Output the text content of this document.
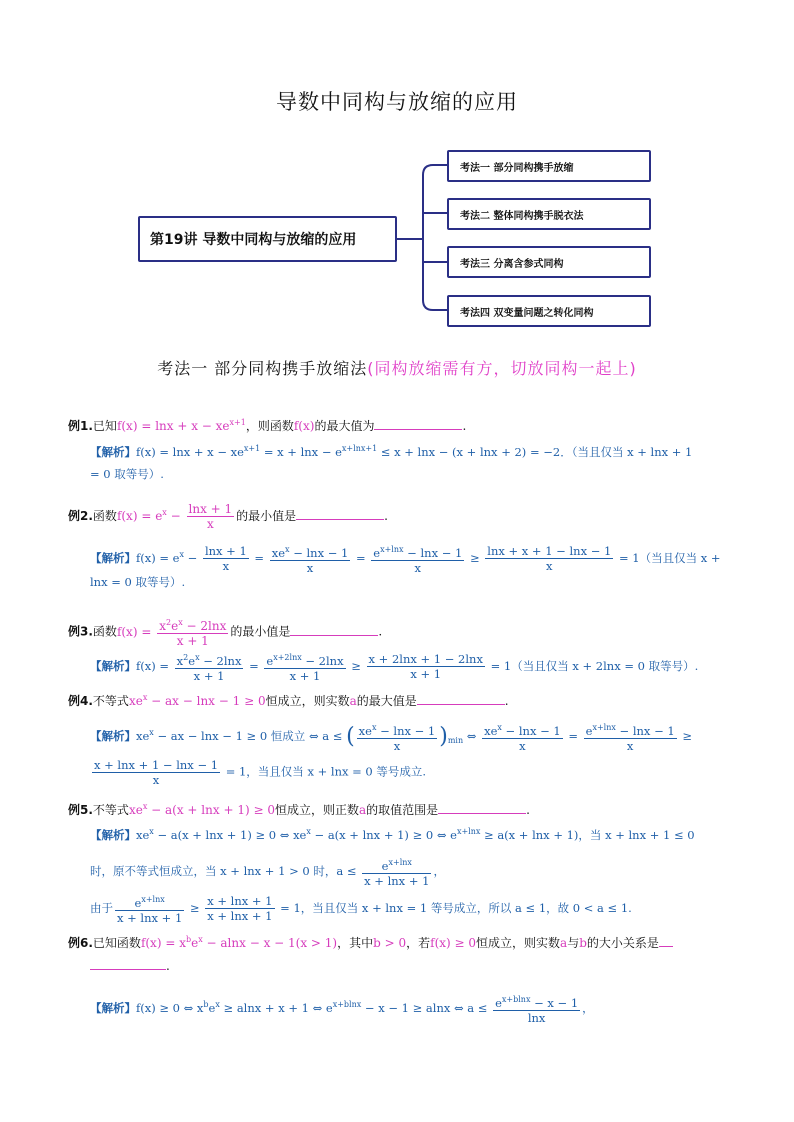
导数中同构与放缩的应用
第19讲 导数中同构与放缩的应用
考法一 部分同构携手放缩
考法二 整体同构携手脱衣法
考法三 分离含参式同构
考法四 双变量问题之转化同构
考法一 部分同构携手放缩法(同构放缩需有方，切放同构一起上)
例1.已知$f(x) = \ln x + x - xe^{x+1}$，则函数f(x)的最大值为	.
【解析】$f(x) = \ln x + x - xe^{x+1} = x + \ln x - e^{x+lnx+1} \le x + \ln x - (x + \ln x + 2) = -2$．（当且仅当 x + lnx + 1
= 0 取等号）.
例2.函数$f(x) = e^x - \frac{\ln x + 1}{x}$ 的最小值是	.
【解析】$f(x) = e^x - \frac{\ln x + 1}{x} = \frac{xe^x - \ln x - 1}{x} = \frac{e^{x+lnx} - \ln x - 1}{x} \ge \frac{\ln x + x + 1 - \ln x - 1}{x} = 1$（当且仅当 x +
lnx = 0 取等号）.
例3.函数$f(x) = \frac{x^2e^x - 2\ln x}{x + 1}$ 的最小值是	.
【解析】$f(x) = \frac{x^2e^x - 2\ln x}{x + 1} = \frac{e^{x+2lnx} - 2\ln x}{x + 1} \ge \frac{x + 2\ln x + 1 - 2\ln x}{x + 1} = 1$（当且仅当 x + 2lnx = 0 取等号）.
例4.不等式$xe^x$ − ax − lnx − 1 ≥ 0恒成立，则实数a的最大值是	.
【解析】$xe^x$ − ax − lnx − 1 ≥ 0 恒成立 ⇔ a ≤ ( $\frac{xe^x - \ln x - 1}{x} )_{min}$ ⇔ $\frac{xe^x - \ln x - 1}{x} = \frac{e^{x+lnx} - \ln x - 1}{x}$ ≥
$\frac{x + \ln x + 1 - \ln x - 1}{x} = 1$，当且仅当 x + lnx = 0 等号成立.
例5.不等式$xe^x - a(x + \ln x + 1) \ge 0$恒成立，则正数a的取值范围是	.
【解析】$xe^x - a(x + \ln x + 1) \ge 0$ ⇔ $xe^x - a(x + \ln x + 1) \ge 0$ ⇔ $e^{x+lnx} \ge a(x + \ln x + 1)$，当 x + lnx + 1 ≤ 0
时，原不等式恒成立，当 x + lnx + 1 > 0 时，$a \le \frac{e^{x+lnx}}{x + \ln x + 1}$ ，
由于 $\frac{e^{x+lnx}}{x + \ln x + 1} \ge \frac{x + \ln x + 1}{x + \ln x + 1} = 1$，当且仅当 x + lnx = 1 等号成立，所以 a ≤ 1，故 0 < a ≤ 1.
例6.已知函数$f(x) = x^be^x - alnx - x - 1(x > 1)$，其中b > 0，若f(x) ≥ 0恒成立，则实数a与b的大小关系是
.
【解析】f(x) ≥ 0 ⇔ $x^be^x \ge alnx + x + 1$ ⇔ $e^{x+blnx} - x - 1 \ge alnx$ ⇔ $a \le \frac{e^{x+blnx} - x - 1}{\ln x}$ ，
